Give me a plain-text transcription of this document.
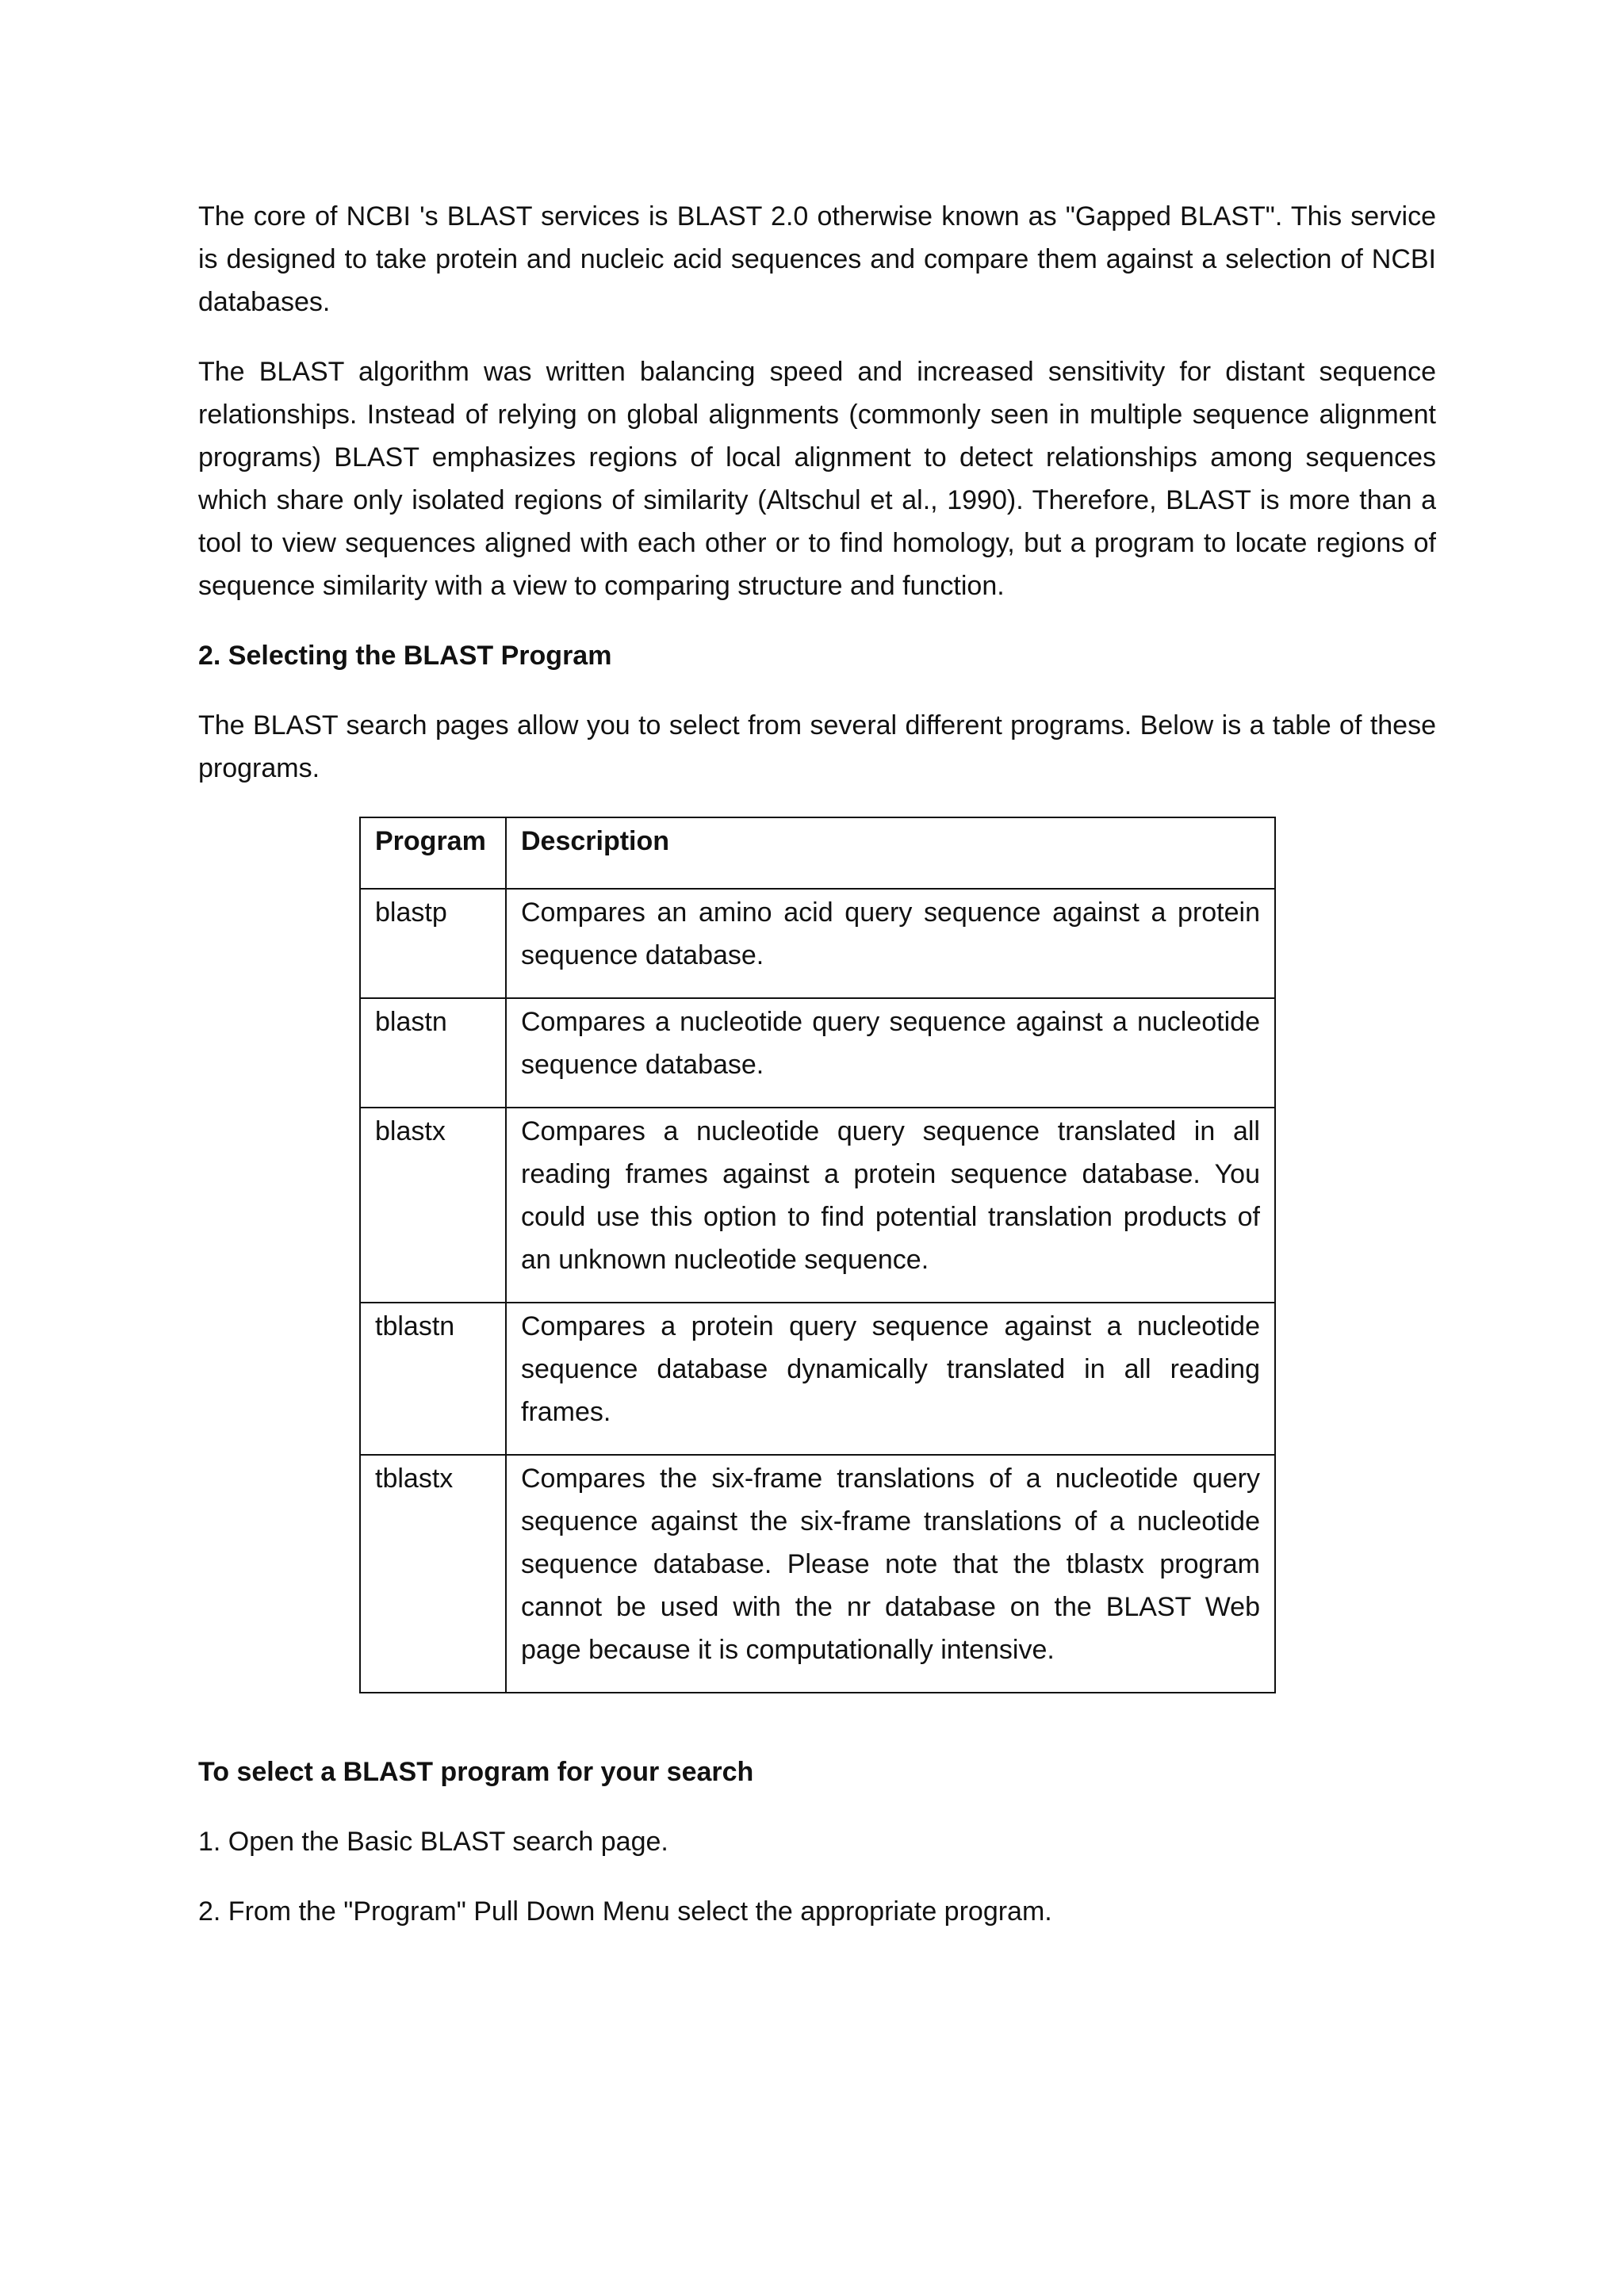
The core of NCBI 's BLAST services is BLAST 2.0 otherwise known as "Gapped BLAST". This service is designed to take protein and nucleic acid sequences and compare them against a selection of NCBI databases.

The BLAST algorithm was written balancing speed and increased sensitivity for distant sequence relationships. Instead of relying on global alignments (commonly seen in multiple sequence alignment programs) BLAST emphasizes regions of local alignment to detect relationships among sequences which share only isolated regions of similarity (Altschul et al., 1990). Therefore, BLAST is more than a tool to view sequences aligned with each other or to find homology, but a program to locate regions of sequence similarity with a view to comparing structure and function.

2. Selecting the BLAST Program

The BLAST search pages allow you to select from several different programs. Below is a table of these programs.

Program	Description
blastp	Compares an amino acid query sequence against a protein sequence database.
blastn	Compares a nucleotide query sequence against a nucleotide sequence database.
blastx	Compares a nucleotide query sequence translated in all reading frames against a protein sequence database. You could use this option to find potential translation products of an unknown nucleotide sequence.
tblastn	Compares a protein query sequence against a nucleotide sequence database dynamically translated in all reading frames.
tblastx	Compares the six-frame translations of a nucleotide query sequence against the six-frame translations of a nucleotide sequence database. Please note that the tblastx program cannot be used with the nr database on the BLAST Web page because it is computationally intensive.

To select a BLAST program for your search

1. Open the Basic BLAST search page.

2. From the "Program" Pull Down Menu select the appropriate program.
